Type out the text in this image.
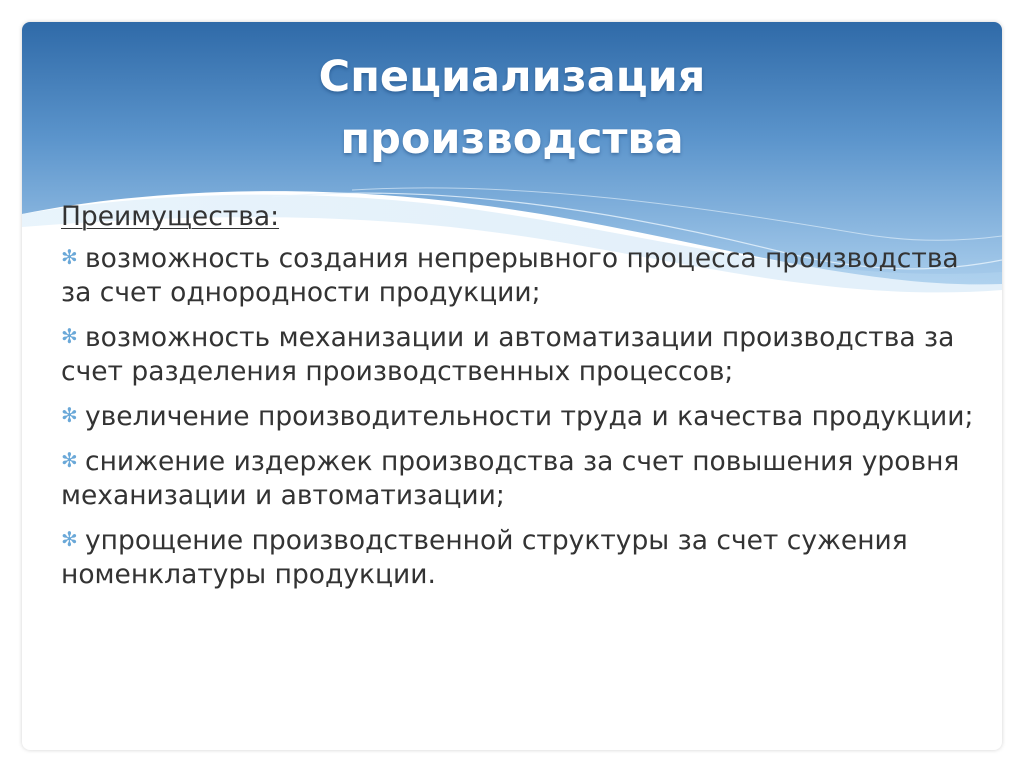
Специализация
производства

Преимущества:

✻ возможность создания непрерывного процесса производства за счет однородности продукции;

✻ возможность механизации и автоматизации производства за счет разделения производственных процессов;

✻ увеличение производительности труда и качества продукции;

✻ снижение издержек производства за счет повышения уровня механизации и автоматизации;

✻ упрощение производственной структуры за счет сужения номенклатуры продукции.
